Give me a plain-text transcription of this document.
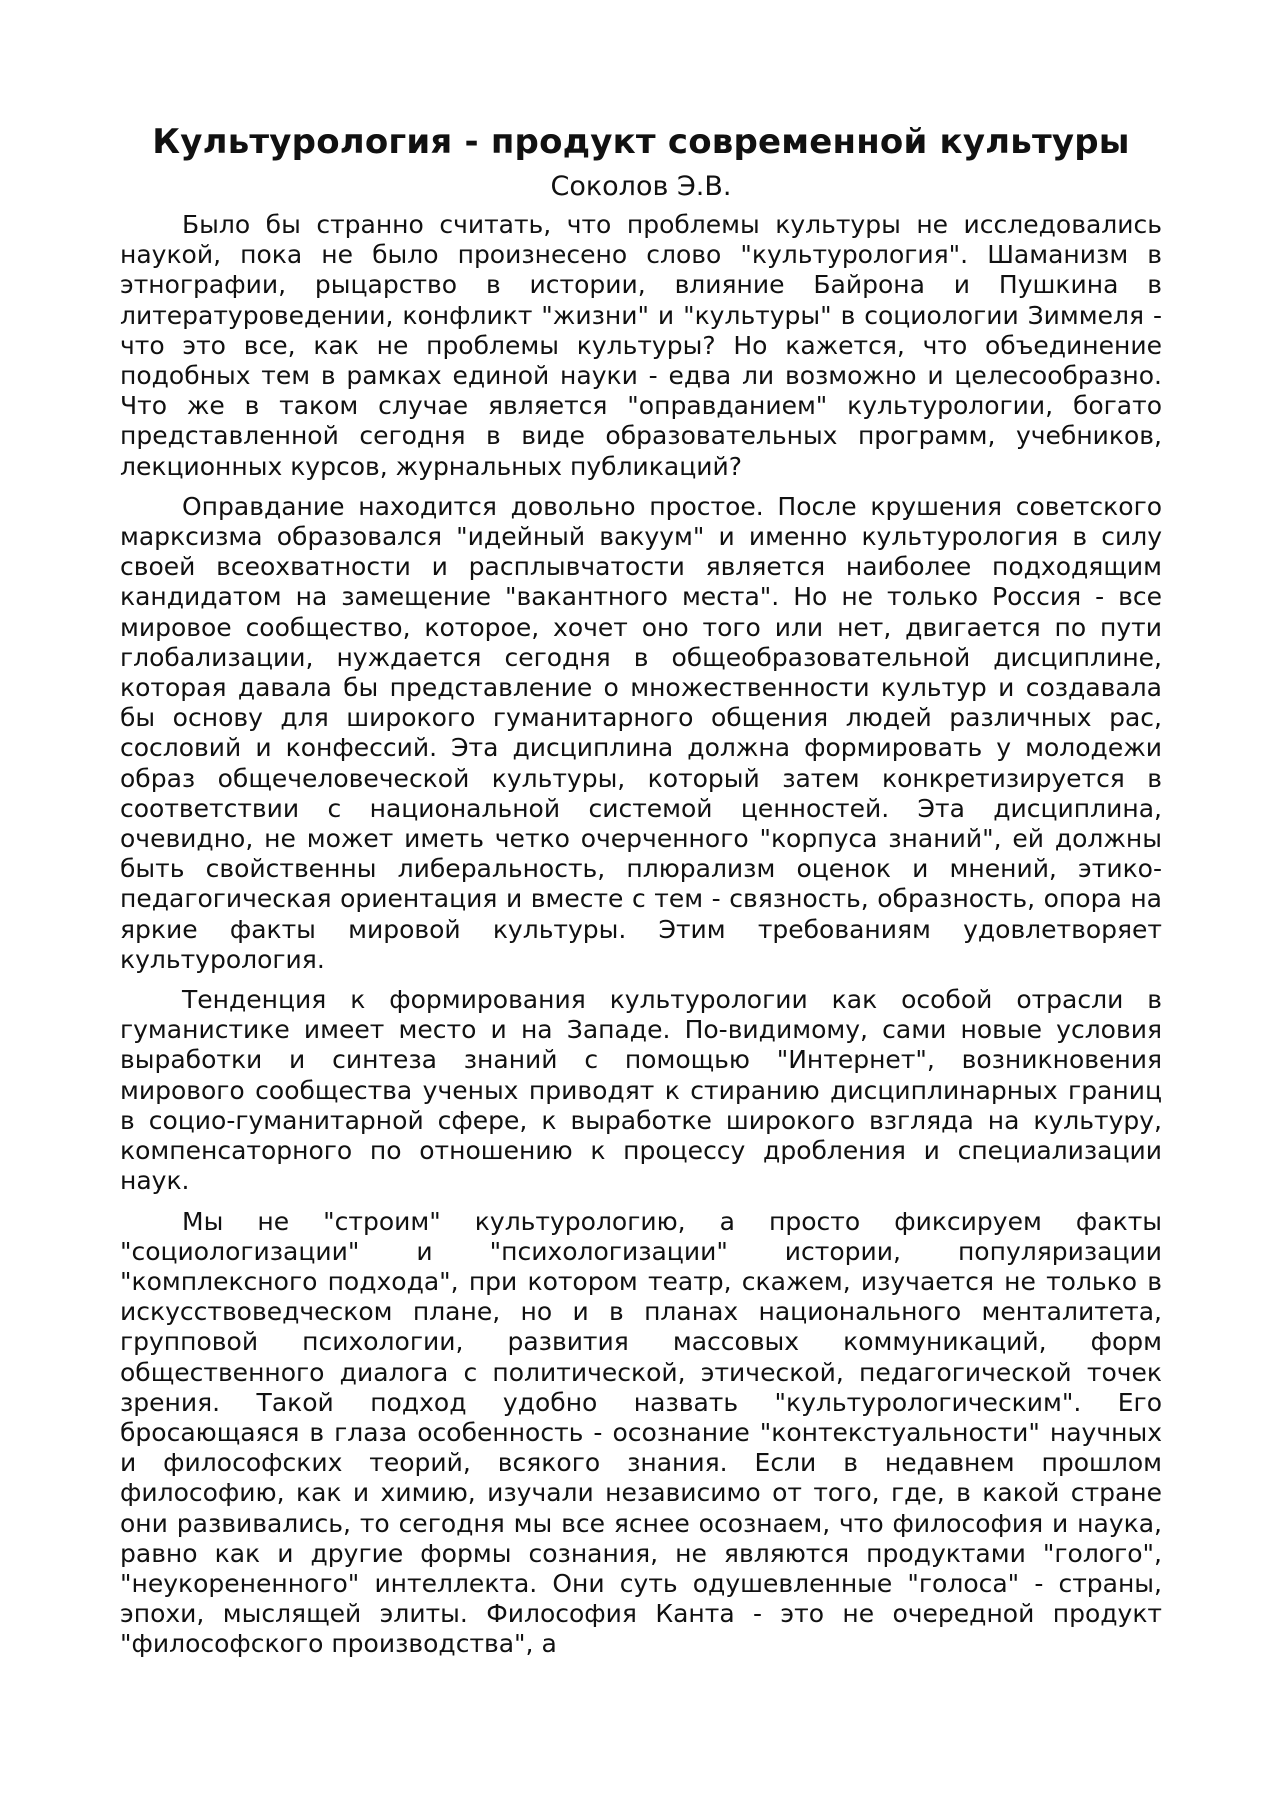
Культурология - продукт современной культуры
Соколов Э.В.

Было бы странно считать, что проблемы культуры не исследовались наукой, пока не было произнесено слово "культурология". Шаманизм в этнографии, рыцарство в истории, влияние Байрона и Пушкина в литературоведении, конфликт "жизни" и "культуры" в социологии Зиммеля - что это все, как не проблемы культуры? Но кажется, что объединение подобных тем в рамках единой науки - едва ли возможно и целесообразно. Что же в таком случае является "оправданием" культурологии, богато представленной сегодня в виде образовательных программ, учебников, лекционных курсов, журнальных публикаций?

Оправдание находится довольно простое. После крушения советского марксизма образовался "идейный вакуум" и именно культурология в силу своей всеохватности и расплывчатости является наиболее подходящим кандидатом на замещение "вакантного места". Но не только Россия - все мировое сообщество, которое, хочет оно того или нет, двигается по пути глобализации, нуждается сегодня в общеобразовательной дисциплине, которая давала бы представление о множественности культур и создавала бы основу для широкого гуманитарного общения людей различных рас, сословий и конфессий. Эта дисциплина должна формировать у молодежи образ общечеловеческой культуры, который затем конкретизируется в соответствии с национальной системой ценностей. Эта дисциплина, очевидно, не может иметь четко очерченного "корпуса знаний", ей должны быть свойственны либеральность, плюрализм оценок и мнений, этико-педагогическая ориентация и вместе с тем - связность, образность, опора на яркие факты мировой культуры. Этим требованиям удовлетворяет культурология.

Тенденция к формирования культурологии как особой отрасли в гуманистике имеет место и на Западе. По-видимому, сами новые условия выработки и синтеза знаний с помощью "Интернет", возникновения мирового сообщества ученых приводят к стиранию дисциплинарных границ в социо-гуманитарной сфере, к выработке широкого взгляда на культуру, компенсаторного по отношению к процессу дробления и специализации наук.

Мы не "строим" культурологию, а просто фиксируем факты "социологизации" и "психологизации" истории, популяризации "комплексного подхода", при котором театр, скажем, изучается не только в искусствоведческом плане, но и в планах национального менталитета, групповой психологии, развития массовых коммуникаций, форм общественного диалога с политической, этической, педагогической точек зрения. Такой подход удобно назвать "культурологическим". Его бросающаяся в глаза особенность - осознание "контекстуальности" научных и философских теорий, всякого знания. Если в недавнем прошлом философию, как и химию, изучали независимо от того, где, в какой стране они развивались, то сегодня мы все яснее осознаем, что философия и наука, равно как и другие формы сознания, не являются продуктами "голого", "неукорененного" интеллекта. Они суть одушевленные "голоса" - страны, эпохи, мыслящей элиты. Философия Канта - это не очередной продукт "философского производства", а
